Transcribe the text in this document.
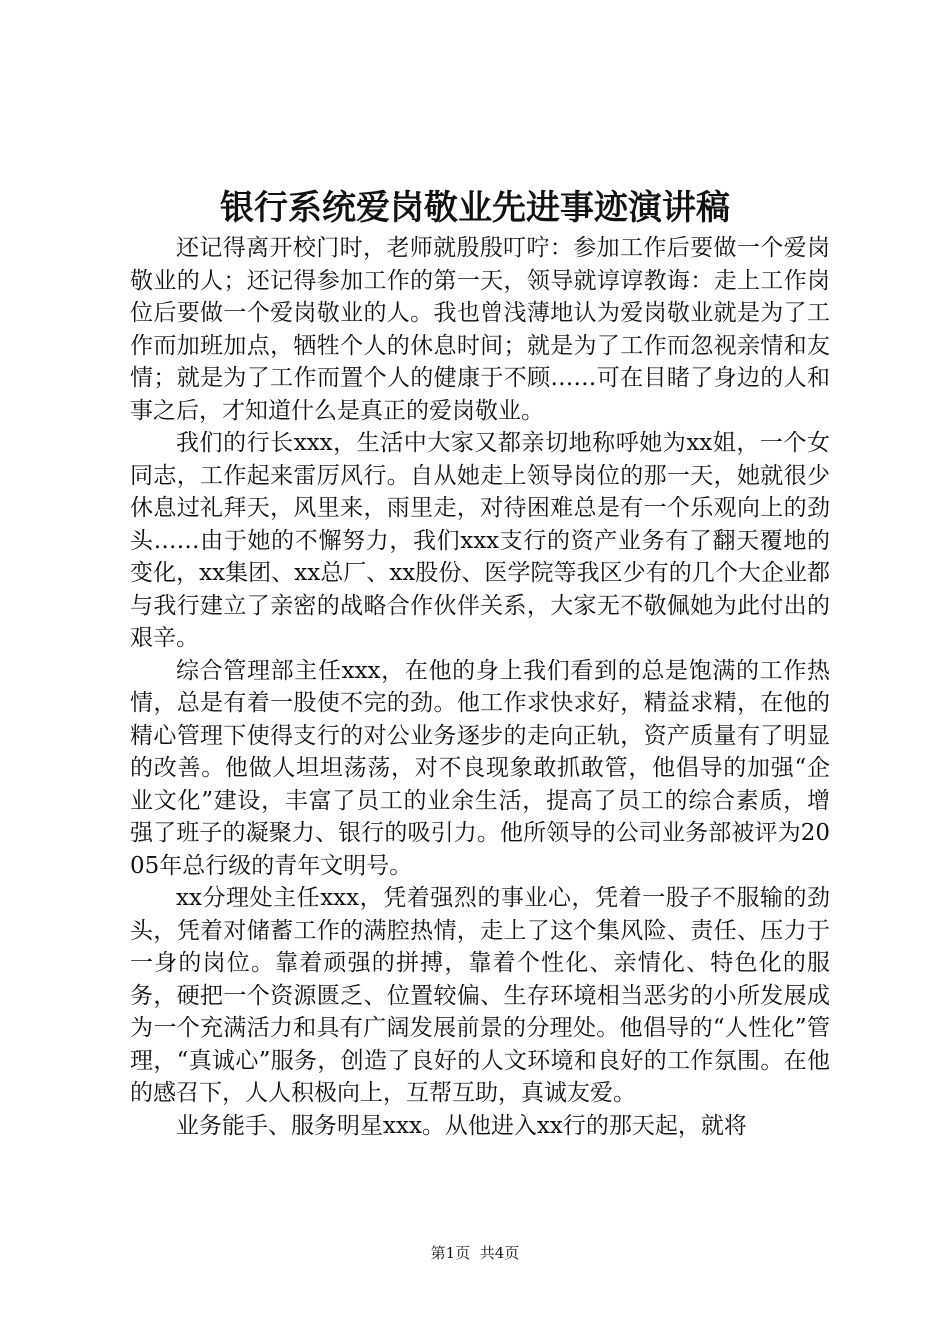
银行系统爱岗敬业先进事迹演讲稿

还记得离开校门时，老师就殷殷叮咛：参加工作后要做一个爱岗敬业的人；还记得参加工作的第一天，领导就谆谆教诲：走上工作岗位后要做一个爱岗敬业的人。我也曾浅薄地认为爱岗敬业就是为了工作而加班加点，牺牲个人的休息时间；就是为了工作而忽视亲情和友情；就是为了工作而置个人的健康于不顾……可在目睹了身边的人和事之后，才知道什么是真正的爱岗敬业。

我们的行长xxx，生活中大家又都亲切地称呼她为xx姐，一个女同志，工作起来雷厉风行。自从她走上领导岗位的那一天，她就很少休息过礼拜天，风里来，雨里走，对待困难总是有一个乐观向上的劲头……由于她的不懈努力，我们xxx支行的资产业务有了翻天覆地的变化，xx集团、xx总厂、xx股份、医学院等我区少有的几个大企业都与我行建立了亲密的战略合作伙伴关系，大家无不敬佩她为此付出的艰辛。

综合管理部主任xxx，在他的身上我们看到的总是饱满的工作热情，总是有着一股使不完的劲。他工作求快求好，精益求精，在他的精心管理下使得支行的对公业务逐步的走向正轨，资产质量有了明显的改善。他做人坦坦荡荡，对不良现象敢抓敢管，他倡导的加强“企业文化”建设，丰富了员工的业余生活，提高了员工的综合素质，增强了班子的凝聚力、银行的吸引力。他所领导的公司业务部被评为2005年总行级的青年文明号。

xx分理处主任xxx，凭着强烈的事业心，凭着一股子不服输的劲头，凭着对储蓄工作的满腔热情，走上了这个集风险、责任、压力于一身的岗位。靠着顽强的拼搏，靠着个性化、亲情化、特色化的服务，硬把一个资源匮乏、位置较偏、生存环境相当恶劣的小所发展成为一个充满活力和具有广阔发展前景的分理处。他倡导的“人性化”管理，“真诚心”服务，创造了良好的人文环境和良好的工作氛围。在他的感召下，人人积极向上，互帮互助，真诚友爱。

业务能手、服务明星xxx。从他进入xx行的那天起，就将

第1页 共4页
